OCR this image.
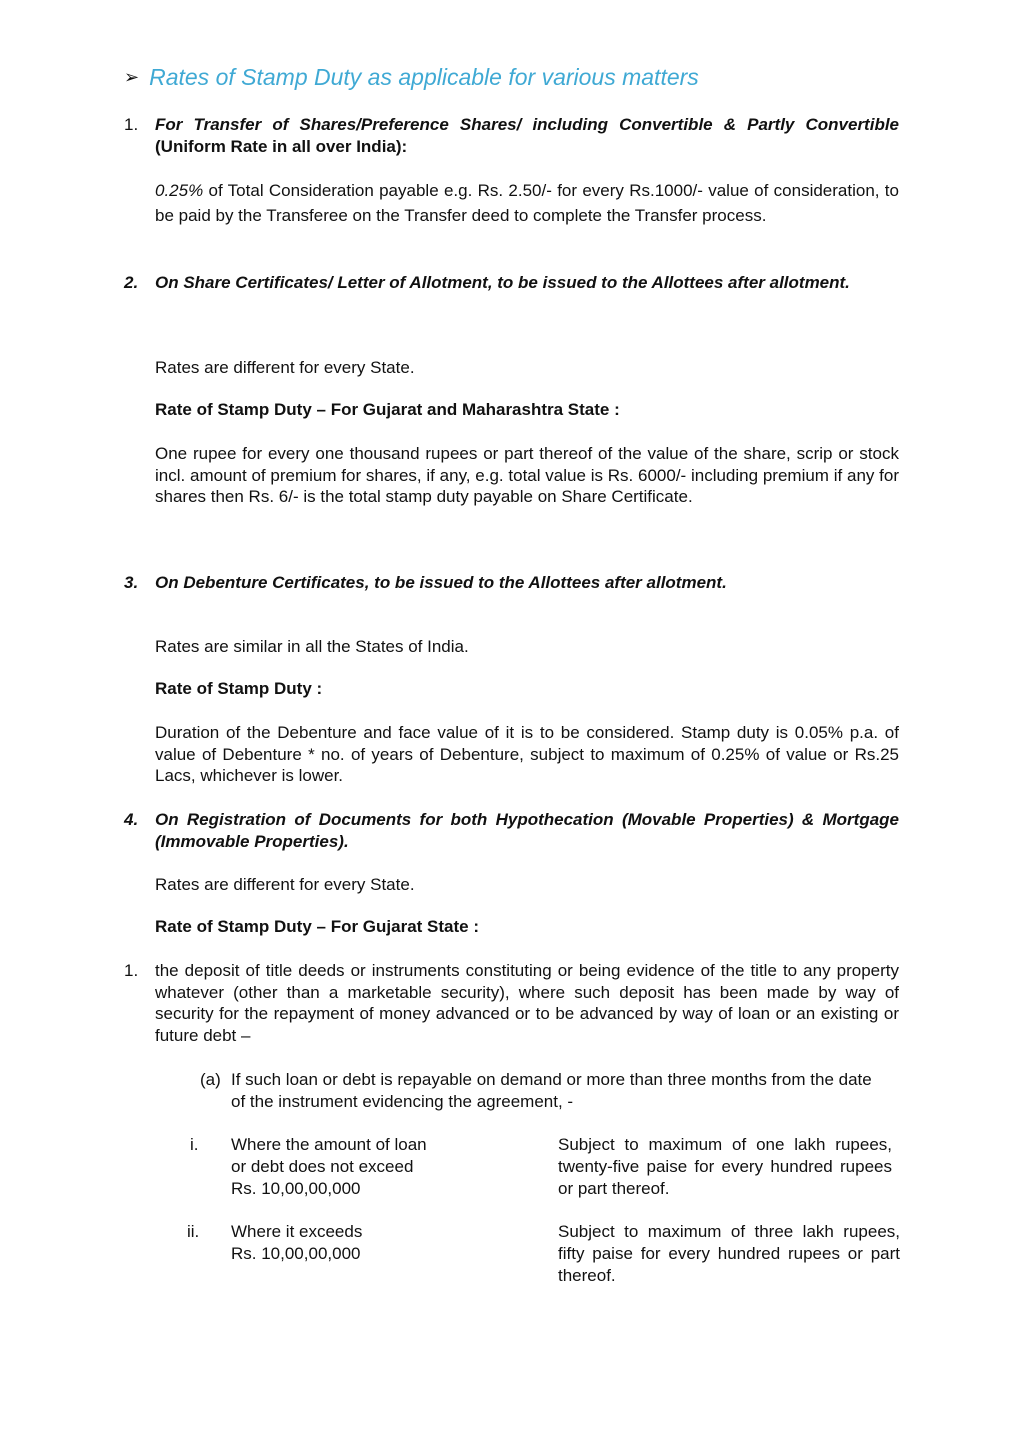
➢ Rates of Stamp Duty as applicable for various matters
1. For Transfer of Shares/Preference Shares/ including Convertible & Partly Convertible (Uniform Rate in all over India):
0.25% of Total Consideration payable e.g. Rs. 2.50/- for every Rs.1000/- value of consideration, to be paid by the Transferee on the Transfer deed to complete the Transfer process.
2. On Share Certificates/ Letter of Allotment, to be issued to the Allottees after allotment.
Rates are different for every State.
Rate of Stamp Duty – For Gujarat and Maharashtra State :
One rupee for every one thousand rupees or part thereof of the value of the share, scrip or stock incl. amount of premium for shares, if any, e.g. total value is Rs. 6000/- including premium if any for shares then Rs. 6/- is the total stamp duty payable on Share Certificate.
3. On Debenture Certificates, to be issued to the Allottees after allotment.
Rates are similar in all the States of India.
Rate of Stamp Duty :
Duration of the Debenture and face value of it is to be considered. Stamp duty is 0.05% p.a. of value of Debenture * no. of years of Debenture, subject to maximum of 0.25% of value or Rs.25 Lacs, whichever is lower.
4. On Registration of Documents for both Hypothecation (Movable Properties) & Mortgage (Immovable Properties).
Rates are different for every State.
Rate of Stamp Duty – For Gujarat State :
1. the deposit of title deeds or instruments constituting or being evidence of the title to any property whatever (other than a marketable security), where such deposit has been made by way of security for the repayment of money advanced or to be advanced by way of loan or an existing or future debt –
(a) If such loan or debt is repayable on demand or more than three months from the date of the instrument evidencing the agreement, -
i. Where the amount of loan
or debt does not exceed
Rs. 10,00,00,000
Subject to maximum of one lakh rupees, twenty-five paise for every hundred rupees or part thereof.
ii. Where it exceeds
Rs. 10,00,00,000
Subject to maximum of three lakh rupees, fifty paise for every hundred rupees or part thereof.
